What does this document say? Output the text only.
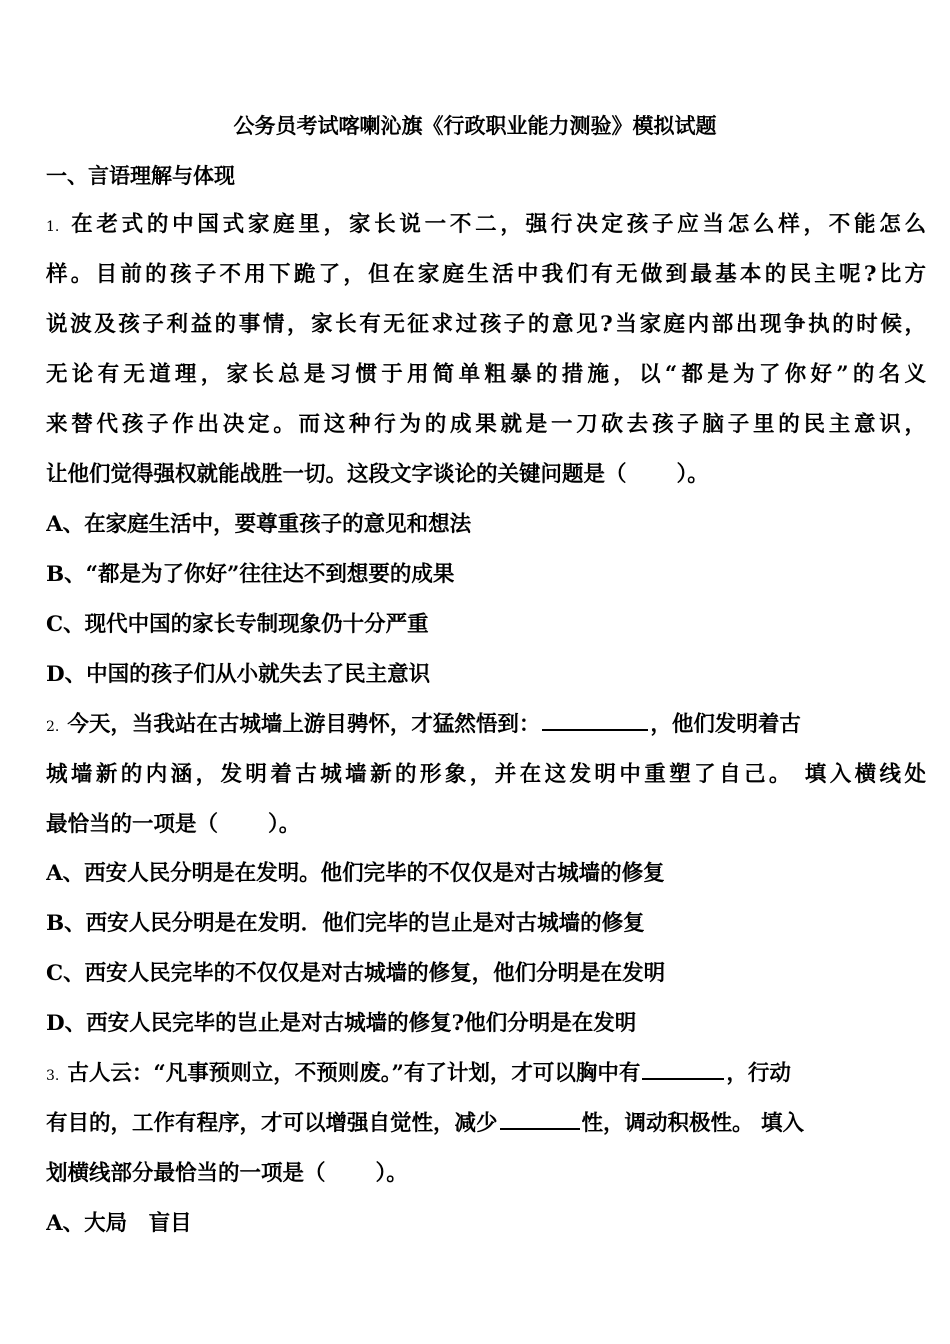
公务员考试喀喇沁旗《行政职业能力测验》模拟试题
一、言语理解与体现
1. 在老式的中国式家庭里，家长说一不二，强行决定孩子应当怎么样，不能怎么
样。目前的孩子不用下跪了，但在家庭生活中我们有无做到最基本的民主呢?比方
说波及孩子利益的事情，家长有无征求过孩子的意见?当家庭内部出现争执的时候，
无论有无道理，家长总是习惯于用简单粗暴的措施，以“都是为了你好”的名义
来替代孩子作出决定。而这种行为的成果就是一刀砍去孩子脑子里的民主意识，
让他们觉得强权就能战胜一切。这段文字谈论的关键问题是（ ）。
A、在家庭生活中，要尊重孩子的意见和想法
B、“都是为了你好”往往达不到想要的成果
C、现代中国的家长专制现象仍十分严重
D、中国的孩子们从小就失去了民主意识
2. 今天，当我站在古城墙上游目骋怀，才猛然悟到：	，他们发明着古
城墙新的内涵，发明着古城墙新的形象，并在这发明中重塑了自己。 填入横线处
最恰当的一项是（ ）。
A、西安人民分明是在发明。他们完毕的不仅仅是对古城墙的修复
B、西安人民分明是在发明．他们完毕的岂止是对古城墙的修复
C、西安人民完毕的不仅仅是对古城墙的修复，他们分明是在发明
D、西安人民完毕的岂止是对古城墙的修复?他们分明是在发明
3. 古人云：“凡事预则立，不预则废。”有了计划，才可以胸中有	，行动
有目的，工作有程序，才可以增强自觉性，减少	性，调动积极性。 填入
划横线部分最恰当的一项是（ ）。
A、大局　盲目
